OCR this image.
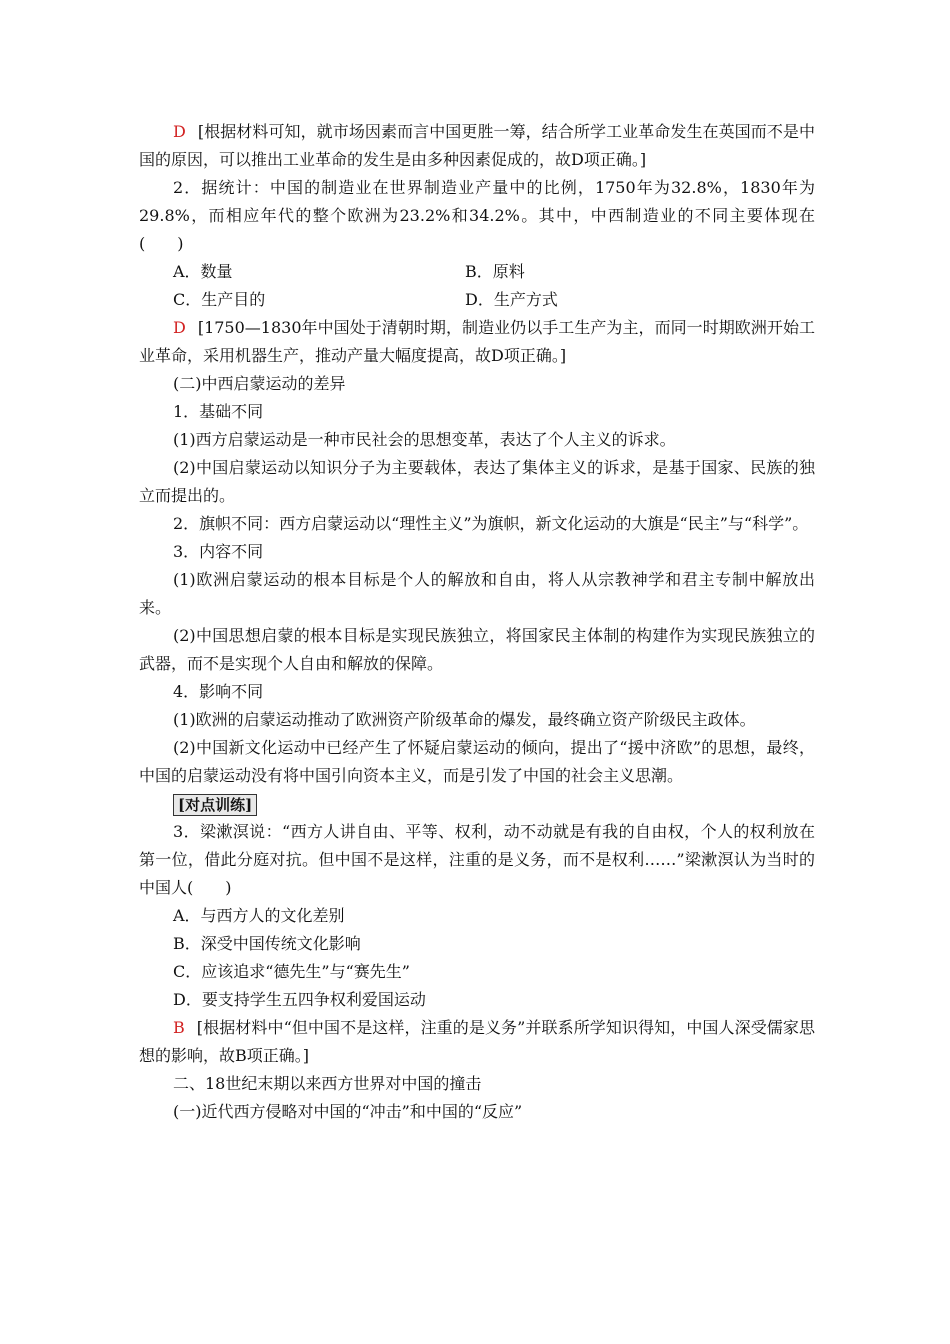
D [根据材料可知，就市场因素而言中国更胜一筹，结合所学工业革命发生在英国而不是中国的原因，可以推出工业革命的发生是由多种因素促成的，故D项正确。]

2．据统计：中国的制造业在世界制造业产量中的比例，1750年为32.8%，1830年为29.8%，而相应年代的整个欧洲为23.2%和34.2%。其中，中西制造业的不同主要体现在(　　)

A．数量	B．原料
C．生产目的	D．生产方式

D [1750—1830年中国处于清朝时期，制造业仍以手工生产为主，而同一时期欧洲开始工业革命，采用机器生产，推动产量大幅度提高，故D项正确。]

(二)中西启蒙运动的差异

1．基础不同

(1)西方启蒙运动是一种市民社会的思想变革，表达了个人主义的诉求。

(2)中国启蒙运动以知识分子为主要载体，表达了集体主义的诉求，是基于国家、民族的独立而提出的。

2．旗帜不同：西方启蒙运动以“理性主义”为旗帜，新文化运动的大旗是“民主”与“科学”。

3．内容不同

(1)欧洲启蒙运动的根本目标是个人的解放和自由，将人从宗教神学和君主专制中解放出来。

(2)中国思想启蒙的根本目标是实现民族独立，将国家民主体制的构建作为实现民族独立的武器，而不是实现个人自由和解放的保障。

4．影响不同

(1)欧洲的启蒙运动推动了欧洲资产阶级革命的爆发，最终确立资产阶级民主政体。

(2)中国新文化运动中已经产生了怀疑启蒙运动的倾向，提出了“援中济欧”的思想，最终，中国的启蒙运动没有将中国引向资本主义，而是引发了中国的社会主义思潮。

[对点训练]

3．梁漱溟说：“西方人讲自由、平等、权利，动不动就是有我的自由权，个人的权利放在第一位，借此分庭对抗。但中国不是这样，注重的是义务，而不是权利……”梁漱溟认为当时的中国人(　　)

A．与西方人的文化差别

B．深受中国传统文化影响

C．应该追求“德先生”与“赛先生”

D．要支持学生五四争权利爱国运动

B [根据材料中“但中国不是这样，注重的是义务”并联系所学知识得知，中国人深受儒家思想的影响，故B项正确。]

二、18世纪末期以来西方世界对中国的撞击

(一)近代西方侵略对中国的“冲击”和中国的“反应”
